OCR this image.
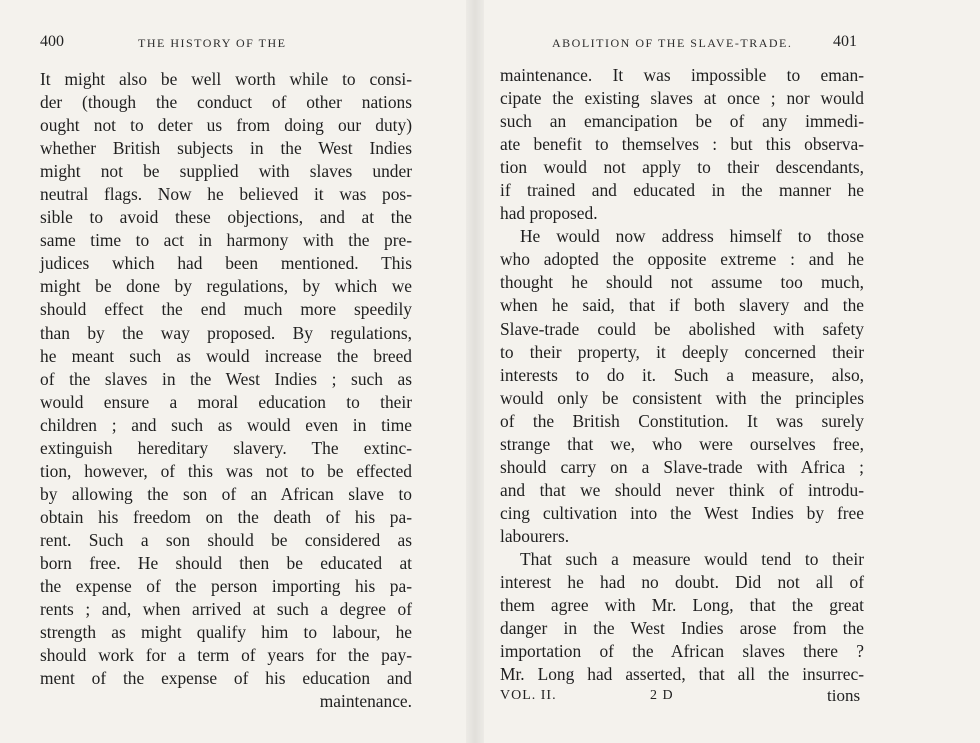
400	THE HISTORY OF THE
It might also be well worth while to consi-
der (though the conduct of other nations
ought not to deter us from doing our duty)
whether British subjects in the West Indies
might not be supplied with slaves under
neutral flags. Now he believed it was pos-
sible to avoid these objections, and at the
same time to act in harmony with the pre-
judices which had been mentioned. This
might be done by regulations, by which we
should effect the end much more speedily
than by the way proposed. By regulations,
he meant such as would increase the breed
of the slaves in the West Indies ; such as
would ensure a moral education to their
children ; and such as would even in time
extinguish hereditary slavery. The extinc-
tion, however, of this was not to be effected
by allowing the son of an African slave to
obtain his freedom on the death of his pa-
rent. Such a son should be considered as
born free. He should then be educated at
the expense of the person importing his pa-
rents ; and, when arrived at such a degree of
strength as might qualify him to labour, he
should work for a term of years for the pay-
ment of the expense of his education and
maintenance.
ABOLITION OF THE SLAVE-TRADE.	401
maintenance. It was impossible to eman-
cipate the existing slaves at once ; nor would
such an emancipation be of any immedi-
ate benefit to themselves : but this observa-
tion would not apply to their descendants,
if trained and educated in the manner he
had proposed.
He would now address himself to those
who adopted the opposite extreme : and he
thought he should not assume too much,
when he said, that if both slavery and the
Slave-trade could be abolished with safety
to their property, it deeply concerned their
interests to do it. Such a measure, also,
would only be consistent with the principles
of the British Constitution. It was surely
strange that we, who were ourselves free,
should carry on a Slave-trade with Africa ;
and that we should never think of introdu-
cing cultivation into the West Indies by free
labourers.
That such a measure would tend to their
interest he had no doubt. Did not all of
them agree with Mr. Long, that the great
danger in the West Indies arose from the
importation of the African slaves there ?
Mr. Long had asserted, that all the insurrec-
VOL. II.	2 D	tions
